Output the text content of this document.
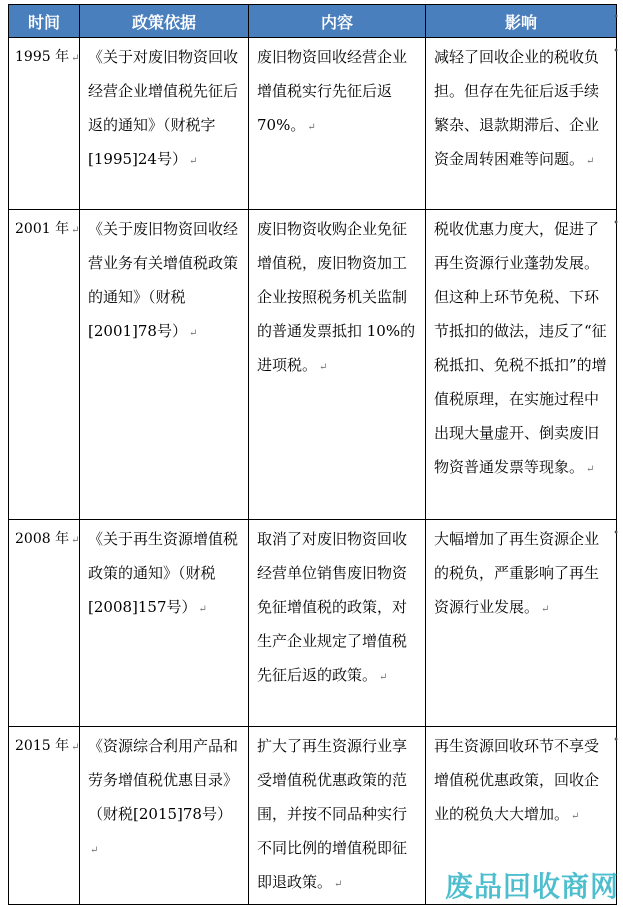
时间	政策依据	内容	影响
1995 年 ↵	《关于对废旧物资回收经营企业增值税先征后返的通知》（财税字[1995]24号） ↵	废旧物资回收经营企业增值税实行先征后返 70%。 ↵	减轻了回收企业的税收负担。但存在先征后返手续繁杂、退款期滞后、企业资金周转困难等问题。 ↵
2001 年 ↵	《关于废旧物资回收经营业务有关增值税政策的通知》（财税[2001]78号） ↵	废旧物资收购企业免征增值税，废旧物资加工企业按照税务机关监制的普通发票抵扣 10%的进项税。 ↵	税收优惠力度大，促进了再生资源行业蓬勃发展。但这种上环节免税、下环节抵扣的做法，违反了“征税抵扣、免税不抵扣”的增值税原理，在实施过程中出现大量虚开、倒卖废旧物资普通发票等现象。 ↵
2008 年 ↵	《关于再生资源增值税政策的通知》（财税[2008]157号） ↵	取消了对废旧物资回收经营单位销售废旧物资免征增值税的政策，对生产企业规定了增值税先征后返的政策。 ↵	大幅增加了再生资源企业的税负，严重影响了再生资源行业发展。 ↵
2015 年 ↵	《资源综合利用产品和劳务增值税优惠目录》（财税[2015]78号） ↵	扩大了再生资源行业享受增值税优惠政策的范围，并按不同品种实行不同比例的增值税即征即退政策。 ↵	再生资源回收环节不享受增值税优惠政策，回收企业的税负大大增加。 ↵
•
•
•
•
•
废品回收商网
